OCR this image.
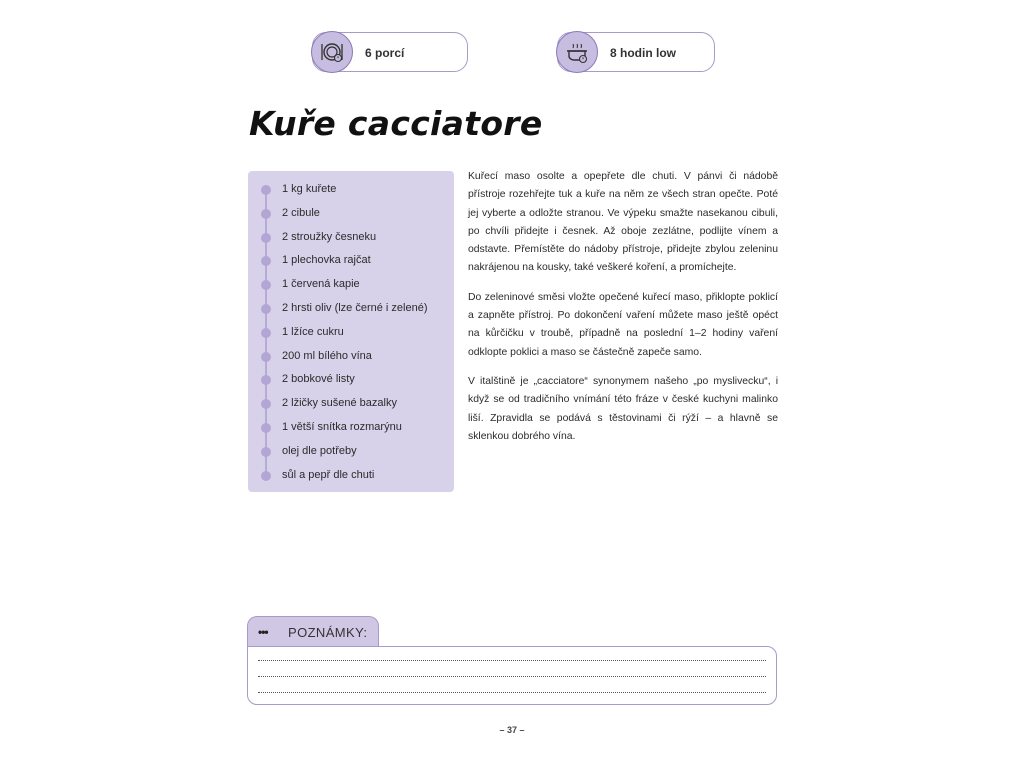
6 porcí	8 hodin low
Kuře cacciatore
1 kg kuřete
2 cibule
2 stroužky česneku
1 plechovka rajčat
1 červená kapie
2 hrsti oliv (lze černé i zelené)
1 lžíce cukru
200 ml bílého vína
2 bobkové listy
2 lžičky sušené bazalky
1 větší snítka rozmarýnu
olej dle potřeby
sůl a pepř dle chuti

Kuřecí maso osolte a opepřete dle chuti. V pánvi či nádobě přístroje rozehřejte tuk a kuře na něm ze všech stran opečte. Poté jej vyberte a odložte stranou. Ve výpeku smažte nasekanou cibuli, po chvíli přidejte i česnek. Až oboje zezlátne, podlijte vínem a odstavte. Přemístěte do nádoby přístroje, přidejte zbylou zeleninu nakrájenou na kousky, také veškeré koření, a promíchejte.

Do zeleninové směsi vložte opečené kuřecí maso, přiklopte poklicí a zapněte přístroj. Po dokončení vaření můžete maso ještě opéct na kůrčičku v troubě, případně na poslední 1–2 hodiny vaření odklopte poklici a maso se částečně zapeče samo.

V italštině je „cacciatore“ synonymem našeho „po myslivecku“, i když se od tradičního vnímání této fráze v české kuchyni malinko liší. Zpravidla se podává s těstovinami či rýží – a hlavně se sklenkou dobrého vína.

••• POZNÁMKY:
– 37 –
